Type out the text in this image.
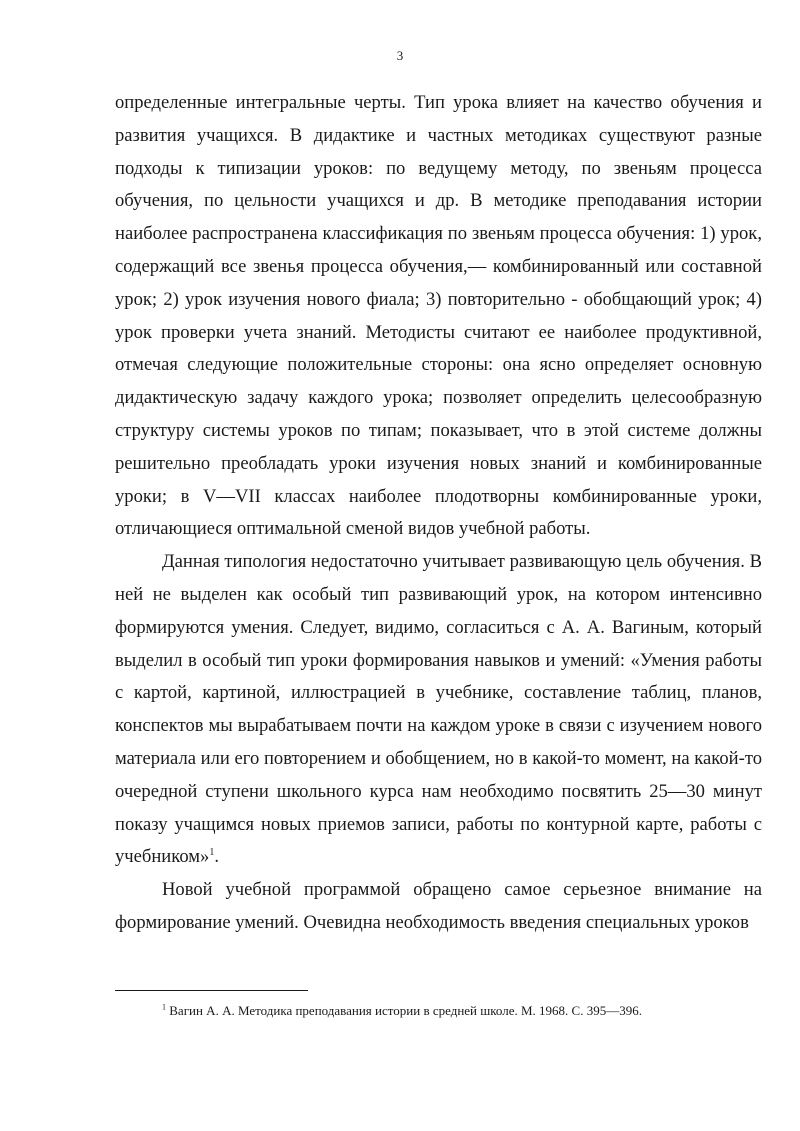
3

определенные интегральные черты. Тип урока влияет на качество обучения и развития учащихся. В дидактике и частных методиках существуют разные подходы к типизации уроков: по ведущему методу, по звеньям процесса обучения, по цельности учащихся и др. В методике преподавания истории наиболее распространена классификация по звеньям процесса обучения: 1) урок, содержащий все звенья процесса обучения,— комбинированный или составной урок; 2) урок изучения нового фиала; 3) повторительно - обобщающий урок; 4) урок проверки учета знаний. Методисты считают ее наиболее продуктивной, отмечая следующие положительные стороны: она ясно определяет основную дидактическую задачу каждого урока; позволяет определить целесообразную структуру системы уроков по типам; показывает, что в этой системе должны решительно преобладать уроки изучения новых знаний и комбинированные уроки; в V—VII классах наиболее плодотворны комбинированные уроки, отличающиеся оптимальной сменой видов учебной работы.

Данная типология недостаточно учитывает развивающую цель обучения. В ней не выделен как особый тип развивающий урок, на котором интенсивно формируются умения. Следует, видимо, согласиться с А. А. Вагиным, который выделил в особый тип уроки формирования навыков и умений: «Умения работы с картой, картиной, иллюстрацией в учебнике, составление таблиц, планов, конспектов мы вырабатываем почти на каждом уроке в связи с изучением нового материала или его повторением и обобщением, но в какой-то момент, на какой-то очередной ступени школьного курса нам необходимо посвятить 25—30 минут показу учащимся новых приемов записи, работы по контурной карте, работы с учебником»$^1$.

Новой учебной программой обращено самое серьезное внимание на формирование умений. Очевидна необходимость введения специальных уроков

$^1$ Вагин А. А. Методика преподавания истории в средней школе. М. 1968. С. 395—396.
